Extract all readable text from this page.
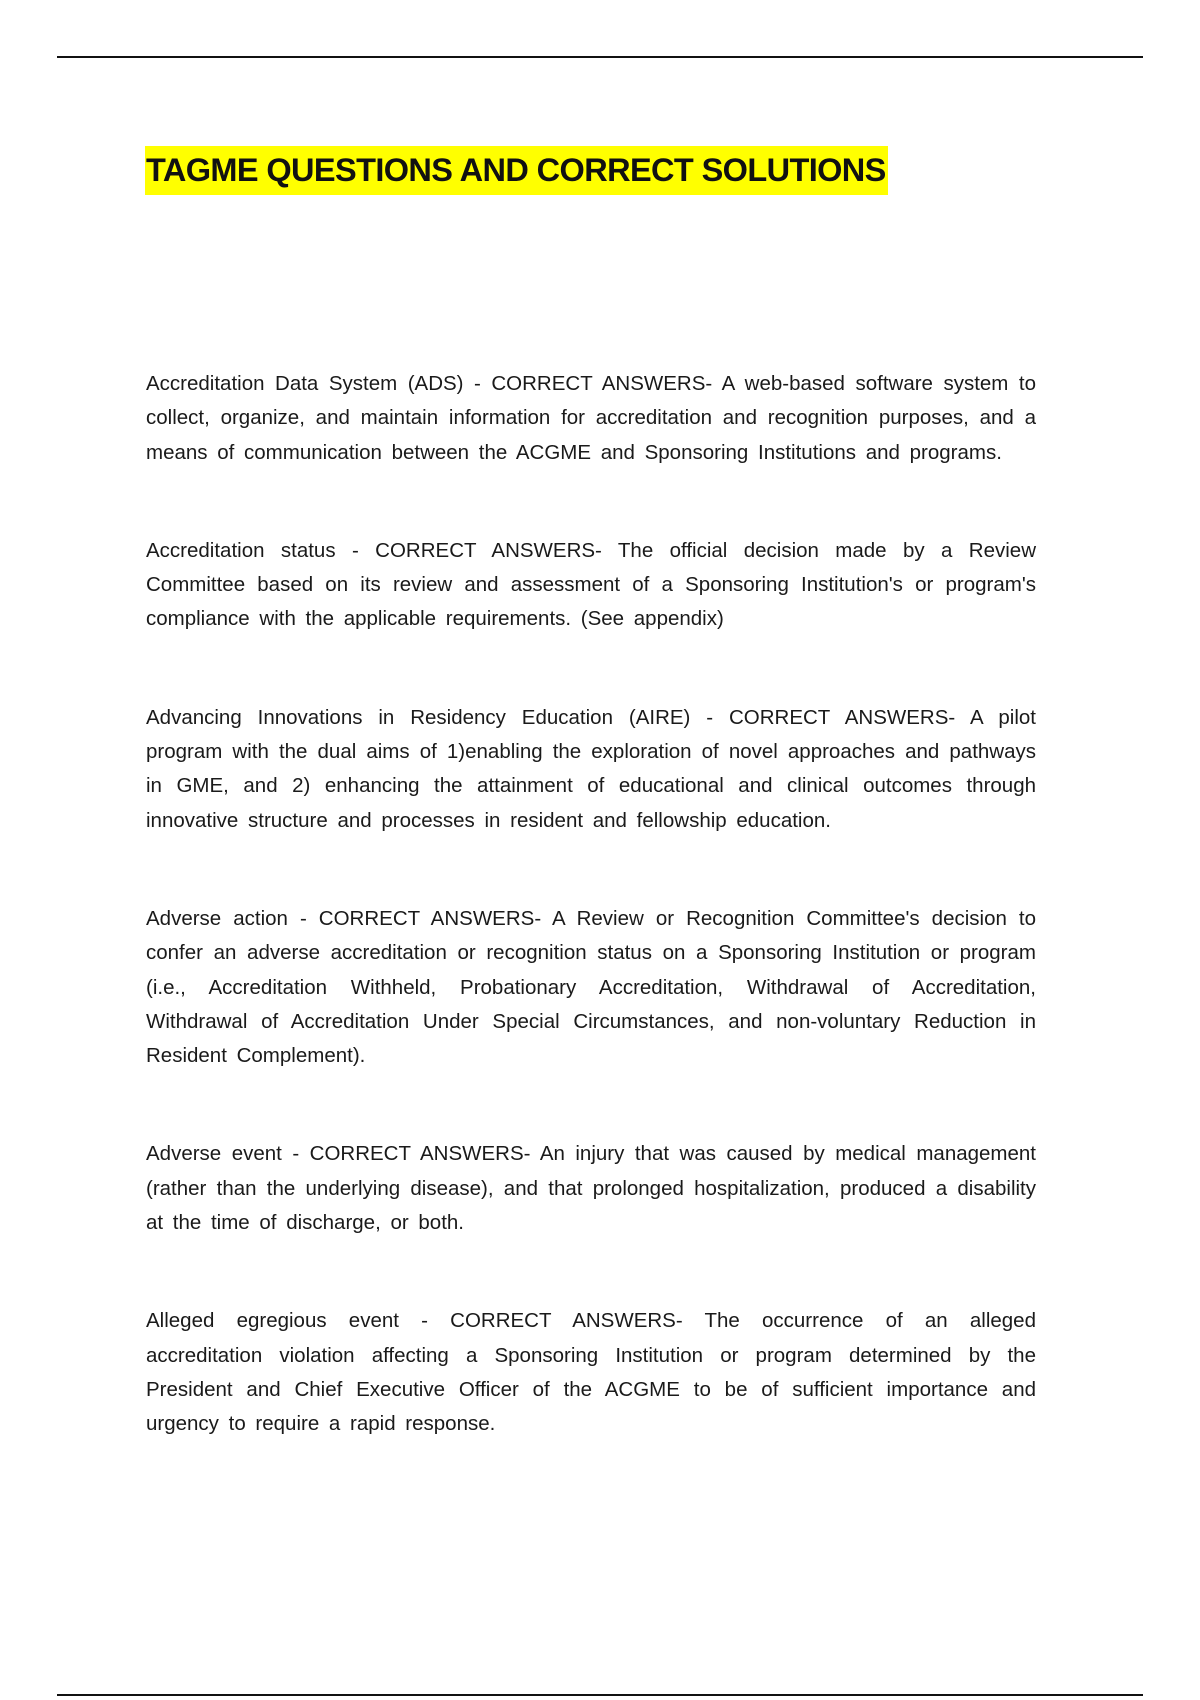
TAGME QUESTIONS AND CORRECT SOLUTIONS

Accreditation Data System (ADS) - CORRECT ANSWERS- A web-based software system to collect, organize, and maintain information for accreditation and recognition purposes, and a means of communication between the ACGME and Sponsoring Institutions and programs.

Accreditation status - CORRECT ANSWERS- The official decision made by a Review Committee based on its review and assessment of a Sponsoring Institution's or program's compliance with the applicable requirements. (See appendix)

Advancing Innovations in Residency Education (AIRE) - CORRECT ANSWERS- A pilot program with the dual aims of 1)enabling the exploration of novel approaches and pathways in GME, and 2) enhancing the attainment of educational and clinical outcomes through innovative structure and processes in resident and fellowship education.

Adverse action - CORRECT ANSWERS- A Review or Recognition Committee's decision to confer an adverse accreditation or recognition status on a Sponsoring Institution or program (i.e., Accreditation Withheld, Probationary Accreditation, Withdrawal of Accreditation, Withdrawal of Accreditation Under Special Circumstances, and non-voluntary Reduction in Resident Complement).

Adverse event - CORRECT ANSWERS- An injury that was caused by medical management (rather than the underlying disease), and that prolonged hospitalization, produced a disability at the time of discharge, or both.

Alleged egregious event - CORRECT ANSWERS- The occurrence of an alleged accreditation violation affecting a Sponsoring Institution or program determined by the President and Chief Executive Officer of the ACGME to be of sufficient importance and urgency to require a rapid response.
